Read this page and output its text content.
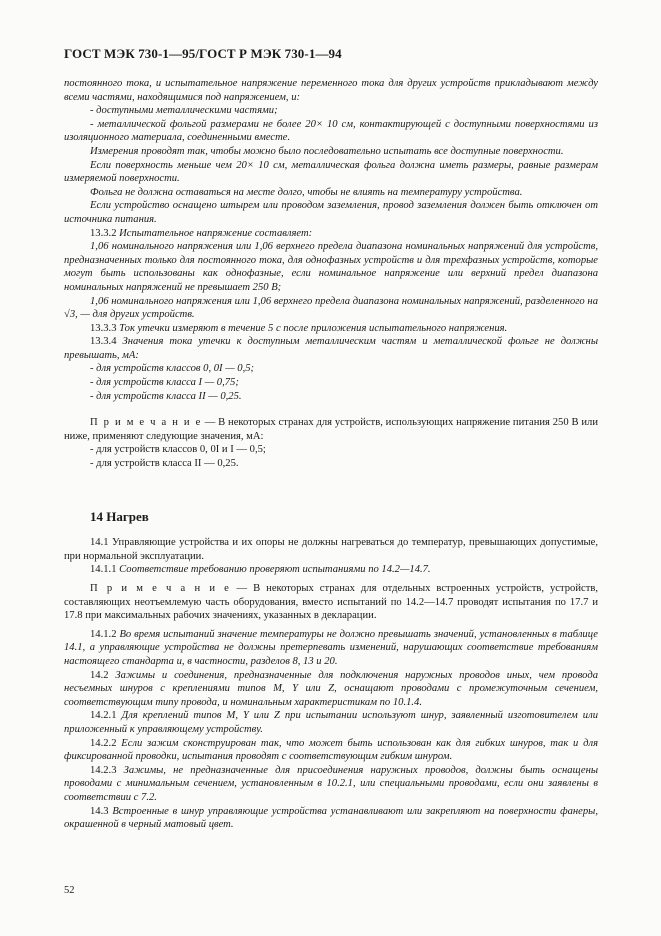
ГОСТ МЭК 730-1—95/ГОСТ Р МЭК 730-1—94

постоянного тока, и испытательное напряжение переменного тока для других устройств прикладывают между всеми частями, находящимися под напряжением, и:

- доступными металлическими частями;

- металлической фольгой размерами не более 20× 10 см, контактирующей с доступными поверхностями из изоляционного материала, соединенными вместе.

Измерения проводят так, чтобы можно было последовательно испытать все доступные поверхности.

Если поверхность меньше чем 20× 10 см, металлическая фольга должна иметь размеры, равные размерам измеряемой поверхности.

Фольга не должна оставаться на месте долго, чтобы не влиять на температуру устройства.

Если устройство оснащено штырем или проводом заземления, провод заземления должен быть отключен от источника питания.

13.3.2 Испытательное напряжение составляет:

1,06 номинального напряжения или 1,06 верхнего предела диапазона номинальных напряжений для устройств, предназначенных только для постоянного тока, для однофазных устройств и для трехфазных устройств, которые могут быть использованы как однофазные, если номинальное напряжение или верхний предел диапазона номинальных напряжений не превышает 250 В;

1,06 номинального напряжения или 1,06 верхнего предела диапазона номинальных напряжений, разделенного на √3, — для других устройств.

13.3.3 Ток утечки измеряют в течение 5 с после приложения испытательного напряжения.

13.3.4 Значения тока утечки к доступным металлическим частям и металлической фольге не должны превышать, мА:

- для устройств классов 0, 0I — 0,5;

- для устройств класса I — 0,75;

- для устройств класса II — 0,25.

П р и м е ч а н и е — В некоторых странах для устройств, использующих напряжение питания 250 В или ниже, применяют следующие значения, мА:

- для устройств классов 0, 0I и I — 0,5;

- для устройств класса II — 0,25.

14 Нагрев

14.1 Управляющие устройства и их опоры не должны нагреваться до температур, превышающих допустимые, при нормальной эксплуатации.

14.1.1 Соответствие требованию проверяют испытаниями по 14.2—14.7.

П р и м е ч а н и е — В некоторых странах для отдельных встроенных устройств, устройств, составляющих неотъемлемую часть оборудования, вместо испытаний по 14.2—14.7 проводят испытания по 17.7 и 17.8 при максимальных рабочих значениях, указанных в декларации.

14.1.2 Во время испытаний значение температуры не должно превышать значений, установленных в таблице 14.1, а управляющие устройства не должны претерпевать изменений, нарушающих соответствие требованиям настоящего стандарта и, в частности, разделов 8, 13 и 20.

14.2 Зажимы и соединения, предназначенные для подключения наружных проводов иных, чем провода несъемных шнуров с креплениями типов M, Y или Z, оснащают проводами с промежуточным сечением, соответствующим типу провода, и номинальным характеристикам по 10.1.4.

14.2.1 Для креплений типов M, Y или Z при испытании используют шнур, заявленный изготовителем или приложенный к управляющему устройству.

14.2.2 Если зажим сконструирован так, что может быть использован как для гибких шнуров, так и для фиксированной проводки, испытания проводят с соответствующим гибким шнуром.

14.2.3 Зажимы, не предназначенные для присоединения наружных проводов, должны быть оснащены проводами с минимальным сечением, установленным в 10.2.1, или специальными проводами, если они заявлены в соответствии с 7.2.

14.3 Встроенные в шнур управляющие устройства устанавливают или закрепляют на поверхности фанеры, окрашенной в черный матовый цвет.

52
